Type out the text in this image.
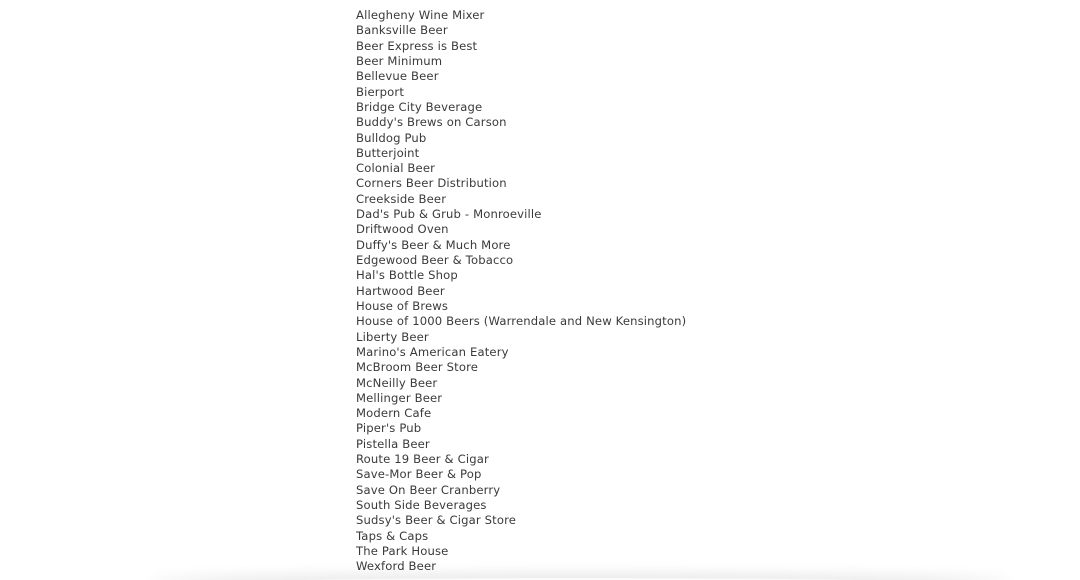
Allegheny Wine Mixer
Banksville Beer
Beer Express is Best
Beer Minimum
Bellevue Beer
Bierport
Bridge City Beverage
Buddy's Brews on Carson
Bulldog Pub
Butterjoint
Colonial Beer
Corners Beer Distribution
Creekside Beer
Dad's Pub & Grub - Monroeville
Driftwood Oven
Duffy's Beer & Much More
Edgewood Beer & Tobacco
Hal's Bottle Shop
Hartwood Beer
House of Brews
House of 1000 Beers (Warrendale and New Kensington)
Liberty Beer
Marino's American Eatery
McBroom Beer Store
McNeilly Beer
Mellinger Beer
Modern Cafe
Piper's Pub
Pistella Beer
Route 19 Beer & Cigar
Save-Mor Beer & Pop
Save On Beer Cranberry
South Side Beverages
Sudsy's Beer & Cigar Store
Taps & Caps
The Park House
Wexford Beer
